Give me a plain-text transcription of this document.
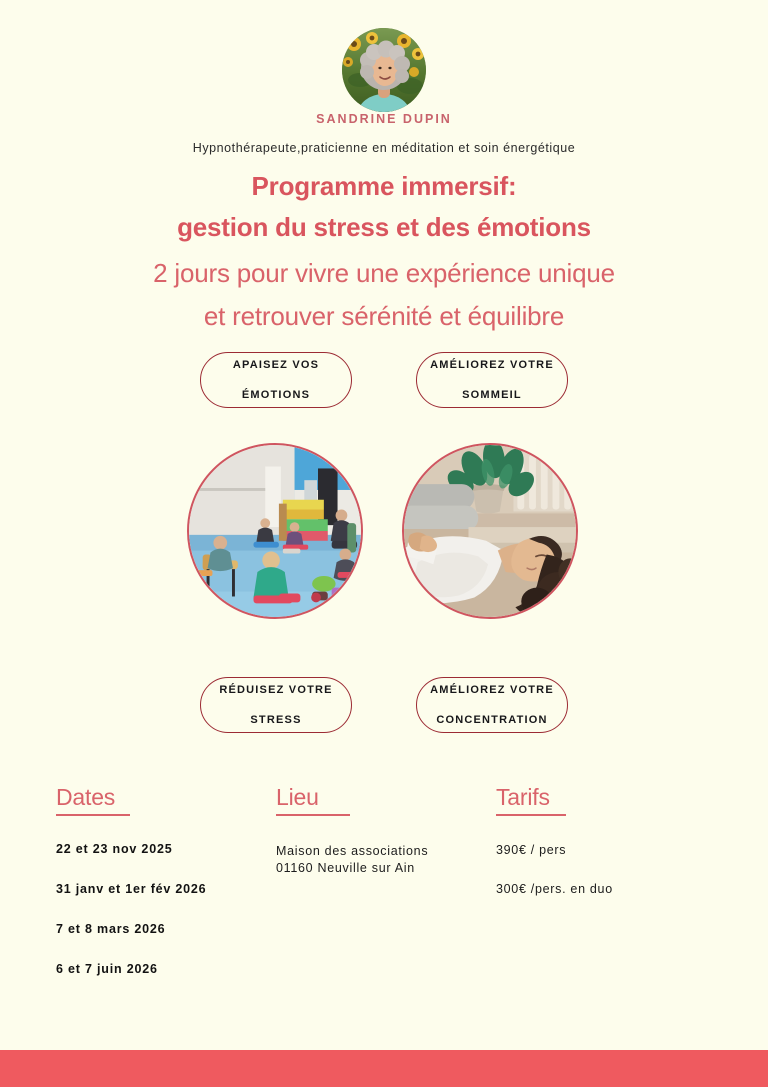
SANDRINE DUPIN
Hypnothérapeute,praticienne en méditation et soin énergétique
Programme immersif:
gestion du stress et des émotions
2 jours pour vivre une expérience unique
et retrouver sérénité et équilibre
APAISEZ VOS

ÉMOTIONS
AMÉLIOREZ VOTRE

SOMMEIL
RÉDUISEZ VOTRE

STRESS
AMÉLIOREZ VOTRE

CONCENTRATION
Dates
22 et 23 nov 2025
31 janv et 1er fév 2026
7 et 8 mars 2026
6 et 7 juin 2026
Lieu
Maison des associations
01160 Neuville sur Ain
Tarifs
390€ / pers
300€ /pers. en duo
